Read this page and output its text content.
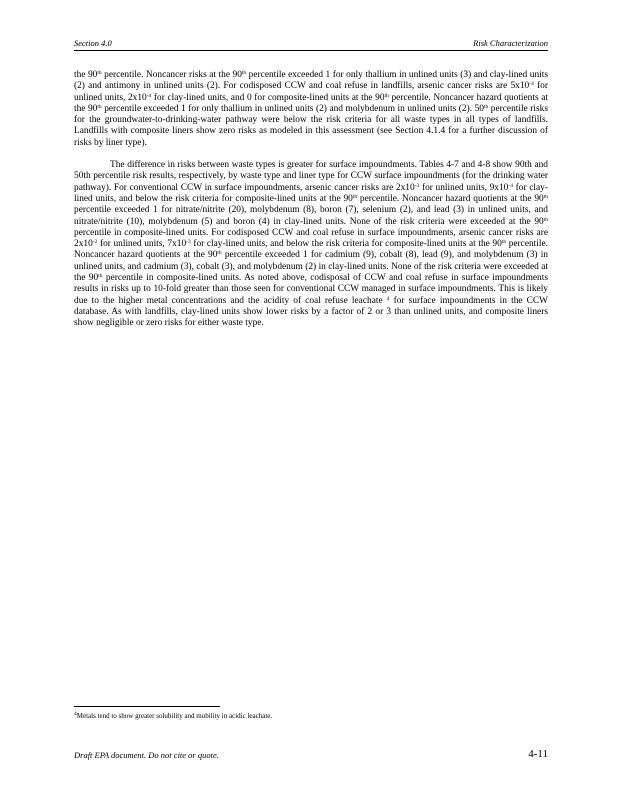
Section 4.0	Risk Characterization

the 90th percentile. Noncancer risks at the 90th percentile exceeded 1 for only thallium in unlined units (3) and clay-lined units (2) and antimony in unlined units (2). For codisposed CCW and coal refuse in landfills, arsenic cancer risks are $5x10^{-4}$ for unlined units, $2x10^{-4}$ for clay-lined units, and 0 for composite-lined units at the 90th percentile. Noncancer hazard quotients at the 90th percentile exceeded 1 for only thallium in unlined units (2) and molybdenum in unlined units (2). 50th percentile risks for the groundwater-to-drinking-water pathway were below the risk criteria for all waste types in all types of landfills. Landfills with composite liners show zero risks as modeled in this assessment (see Section 4.1.4 for a further discussion of risks by liner type).

The difference in risks between waste types is greater for surface impoundments. Tables 4-7 and 4-8 show 90th and 50th percentile risk results, respectively, by waste type and liner type for CCW surface impoundments (for the drinking water pathway). For conventional CCW in surface impoundments, arsenic cancer risks are $2x10^{-3}$ for unlined units, $9x10^{-4}$ for clay-lined units, and below the risk criteria for composite-lined units at the 90th percentile. Noncancer hazard quotients at the 90th percentile exceeded 1 for nitrate/nitrite (20), molybdenum (8), boron (7), selenium (2), and lead (3) in unlined units, and nitrate/nitrite (10), molybdenum (5) and boron (4) in clay-lined units. None of the risk criteria were exceeded at the 90th percentile in composite-lined units. For codisposed CCW and coal refuse in surface impoundments, arsenic cancer risks are $2x10^{-2}$ for unlined units, $7x10^{-3}$ for clay-lined units, and below the risk criteria for composite-lined units at the 90th percentile. Noncancer hazard quotients at the 90th percentile exceeded 1 for cadmium (9), cobalt (8), lead (9), and molybdenum (3) in unlined units, and cadmium (3), cobalt (3), and molybdenum (2) in clay-lined units. None of the risk criteria were exceeded at the 90th percentile in composite-lined units. As noted above, codisposal of CCW and coal refuse in surface impoundments results in risks up to 10-fold greater than those seen for conventional CCW managed in surface impoundments. This is likely due to the higher metal concentrations and the acidity of coal refuse leachate $^4$ for surface impoundments in the CCW database. As with landfills, clay-lined units show lower risks by a factor of 2 or 3 than unlined units, and composite liners show negligible or zero risks for either waste type.

$^4$Metals tend to show greater solubility and mobility in acidic leachate.
Draft EPA document. Do not cite or quote.	4-11
